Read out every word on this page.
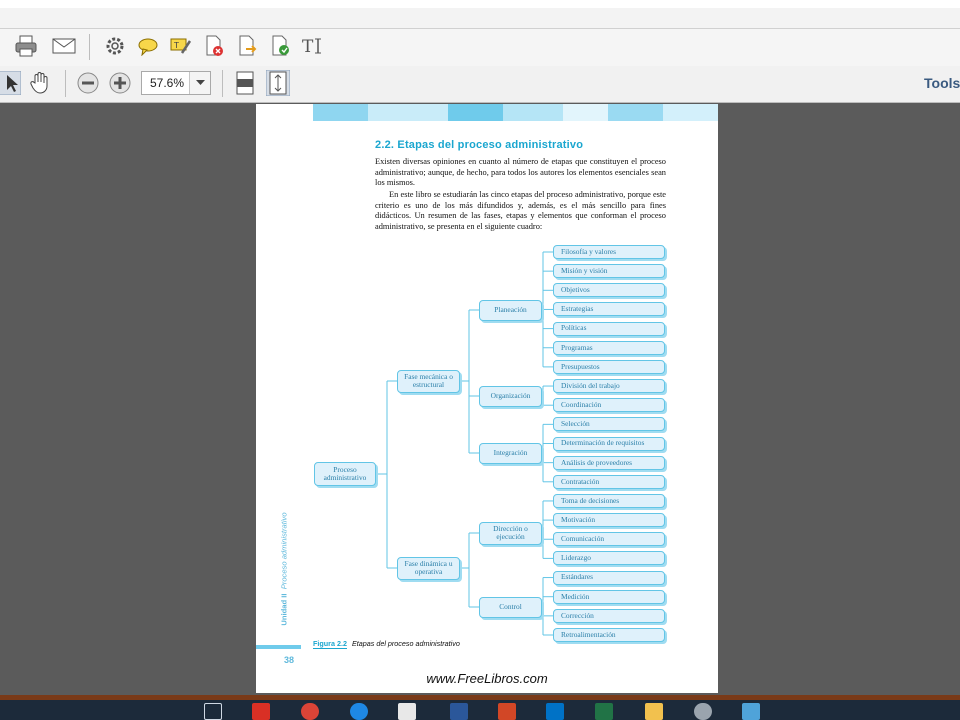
T	T
57.6%	Tools
2.2. Etapas del proceso administrativo

Existen diversas opiniones en cuanto al número de etapas que constituyen el proceso administrativo; aunque, de hecho, para todos los autores los elementos esenciales sean los mismos.

En este libro se estudiarán las cinco etapas del proceso administrativo, porque este criterio es uno de los más difundidos y, además, es el más sencillo para fines didácticos. Un resumen de las fases, etapas y elementos que conforman el proceso administrativo, se presenta en el siguiente cuadro:

Filosofía y valores
Misión y visión
Objetivos
Estrategias
Políticas
Programas
Presupuestos
División del trabajo
Coordinación
Selección
Determinación de requisitos
Análisis de proveedores
Contratación
Toma de decisiones
Motivación
Comunicación
Liderazgo
Estándares
Medición
Corrección
Retroalimentación
Planeación
Organización
Integración
Dirección o ejecución
Control
Fase mecánica o estructural
Fase dinámica u operativa
Proceso administrativo
Unidad II  Proceso administrativo
38
Figura 2.2 Etapas del proceso administrativo
www.FreeLibros.com
